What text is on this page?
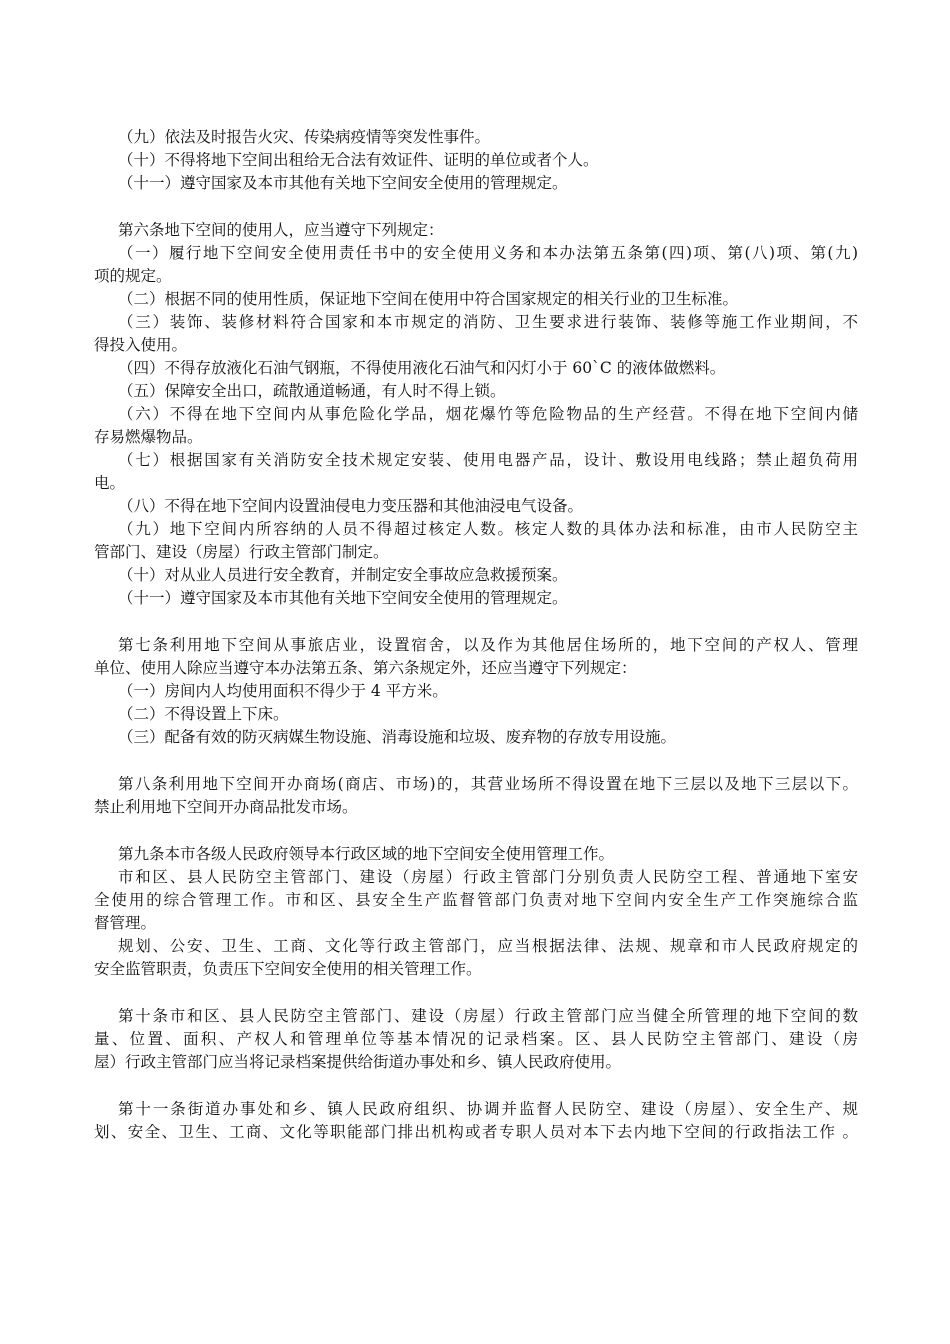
（九）依法及时报告火灾、传染病疫情等突发性事件。
（十）不得将地下空间出租给无合法有效证件、证明的单位或者个人。
（十一）遵守国家及本市其他有关地下空间安全使用的管理规定。
第六条地下空间的使用人，应当遵守下列规定：
（一）履行地下空间安全使用责任书中的安全使用义务和本办法第五条第(四)项、第(八)项、第(九)
项的规定。
（二）根据不同的使用性质，保证地下空间在使用中符合国家规定的相关行业的卫生标准。
（三）装饰、装修材料符合国家和本市规定的消防、卫生要求进行装饰、装修等施工作业期间，不
得投入使用。
（四）不得存放液化石油气钢瓶，不得使用液化石油气和闪灯小于 60`C 的液体做燃料。
（五）保障安全出口，疏散通道畅通，有人时不得上锁。
（六）不得在地下空间内从事危险化学品，烟花爆竹等危险物品的生产经营。不得在地下空间内储
存易燃爆物品。
（七）根据国家有关消防安全技术规定安装、使用电器产品，设计、敷设用电线路；禁止超负荷用
电。
（八）不得在地下空间内设置油侵电力变压器和其他油浸电气设备。
（九）地下空间内所容纳的人员不得超过核定人数。核定人数的具体办法和标准，由市人民防空主
管部门、建设（房屋）行政主管部门制定。
（十）对从业人员进行安全教育，并制定安全事故应急救援预案。
（十一）遵守国家及本市其他有关地下空间安全使用的管理规定。
第七条利用地下空间从事旅店业，设置宿舍，以及作为其他居住场所的，地下空间的产权人、管理
单位、使用人除应当遵守本办法第五条、第六条规定外，还应当遵守下列规定：
（一）房间内人均使用面积不得少于 4 平方米。
（二）不得设置上下床。
（三）配备有效的防灭病媒生物设施、消毒设施和垃圾、废弃物的存放专用设施。
第八条利用地下空间开办商场(商店、市场)的，其营业场所不得设置在地下三层以及地下三层以下。
禁止利用地下空间开办商品批发市场。
第九条本市各级人民政府领导本行政区域的地下空间安全使用管理工作。
市和区、县人民防空主管部门、建设（房屋）行政主管部门分别负责人民防空工程、普通地下室安
全使用的综合管理工作。市和区、县安全生产监督管部门负责对地下空间内安全生产工作突施综合监
督管理。
规划、公安、卫生、工商、文化等行政主管部门，应当根据法律、法规、规章和市人民政府规定的
安全监管职责，负责压下空间安全使用的相关管理工作。
第十条市和区、县人民防空主管部门、建设（房屋）行政主管部门应当健全所管理的地下空间的数
量、位置、面积、产权人和管理单位等基本情况的记录档案。区、县人民防空主管部门、建设（房
屋）行政主管部门应当将记录档案提供给街道办事处和乡、镇人民政府使用。
第十一条街道办事处和乡、镇人民政府组织、协调并监督人民防空、建设（房屋）、安全生产、规
划、安全、卫生、工商、文化等职能部门排出机构或者专职人员对本下去内地下空间的行政指法工作 。
